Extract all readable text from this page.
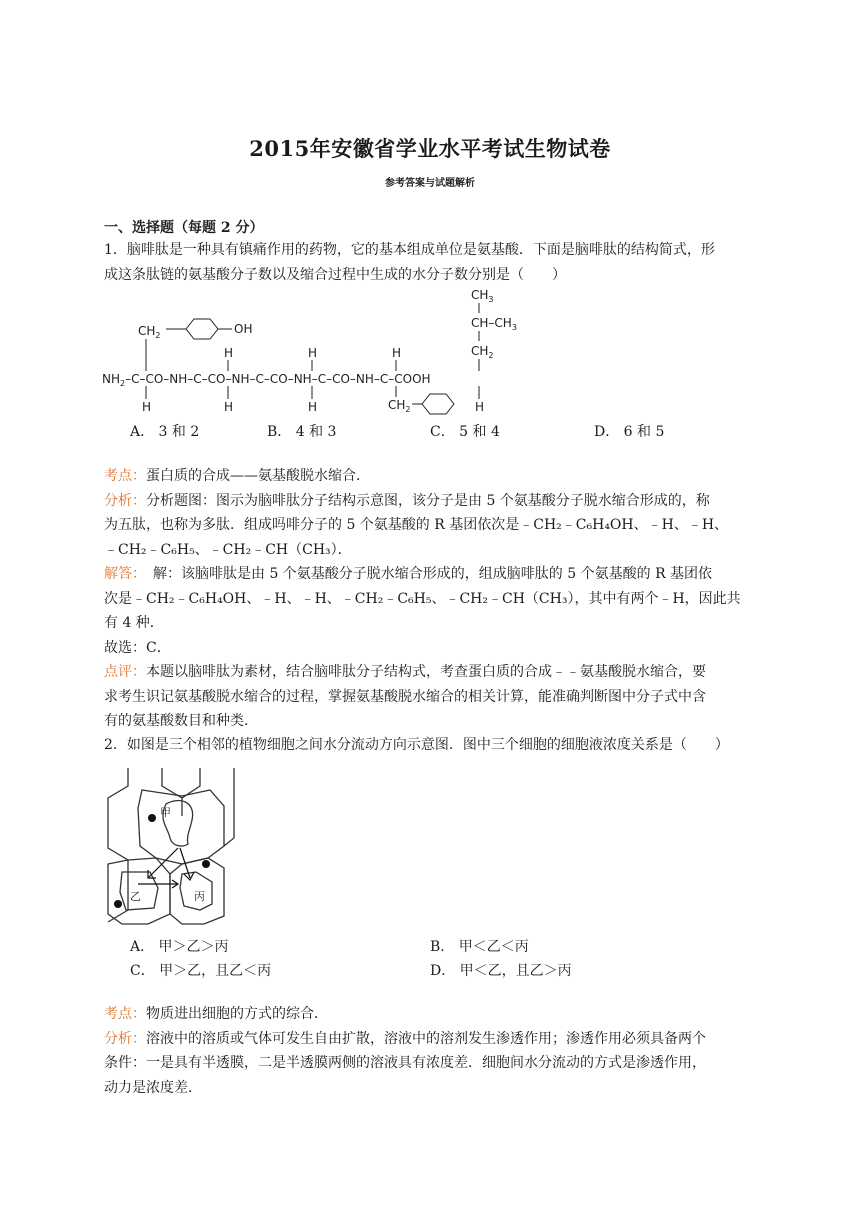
2015年安徽省学业水平考试生物试卷
参考答案与试题解析
一、选择题（每题 2 分）
1．脑啡肽是一种具有镇痛作用的药物，它的基本组成单位是氨基酸．下面是脑啡肽的结构简式，形
成这条肽链的氨基酸分子数以及缩合过程中生成的水分子数分别是（　　）
$NH_2-C-CO-NH-C-CO-NH-C-CO-NH-C-CO-NH-C$–COOH
H	H	H	H
H	H	H
$CH_2$	OH
$CH_2$
$CH_2$
$CH-CH_3$
$CH_3$
A． 3 和 2	B． 4 和 3	C． 5 和 4	D． 6 和 5
考点：蛋白质的合成——氨基酸脱水缩合．
分析：分析题图：图示为脑啡肽分子结构示意图，该分子是由 5 个氨基酸分子脱水缩合形成的，称
为五肽，也称为多肽．组成吗啡分子的 5 个氨基酸的 R 基团依次是﹣CH₂﹣C₆H₄OH、﹣H、﹣H、
﹣CH₂﹣C₆H₅、﹣CH₂﹣CH（CH₃）．
解答：　解：该脑啡肽是由 5 个氨基酸分子脱水缩合形成的，组成脑啡肽的 5 个氨基酸的 R 基团依
次是﹣CH₂﹣C₆H₄OH、﹣H、﹣H、﹣CH₂﹣C₆H₅、﹣CH₂﹣CH（CH₃），其中有两个﹣H，因此共
有 4 种．
故选：C．
点评：本题以脑啡肽为素材，结合脑啡肽分子结构式，考查蛋白质的合成﹣﹣氨基酸脱水缩合，要
求考生识记氨基酸脱水缩合的过程，掌握氨基酸脱水缩合的相关计算，能准确判断图中分子式中含
有的氨基酸数目和种类．
2．如图是三个相邻的植物细胞之间水分流动方向示意图．图中三个细胞的细胞液浓度关系是（　　）
甲
乙	丙
A． 甲＞乙＞丙	B． 甲＜乙＜丙
C． 甲＞乙，且乙＜丙	D． 甲＜乙，且乙＞丙
考点：物质进出细胞的方式的综合．
分析：溶液中的溶质或气体可发生自由扩散，溶液中的溶剂发生渗透作用；渗透作用必须具备两个
条件：一是具有半透膜，二是半透膜两侧的溶液具有浓度差．细胞间水分流动的方式是渗透作用，
动力是浓度差．
